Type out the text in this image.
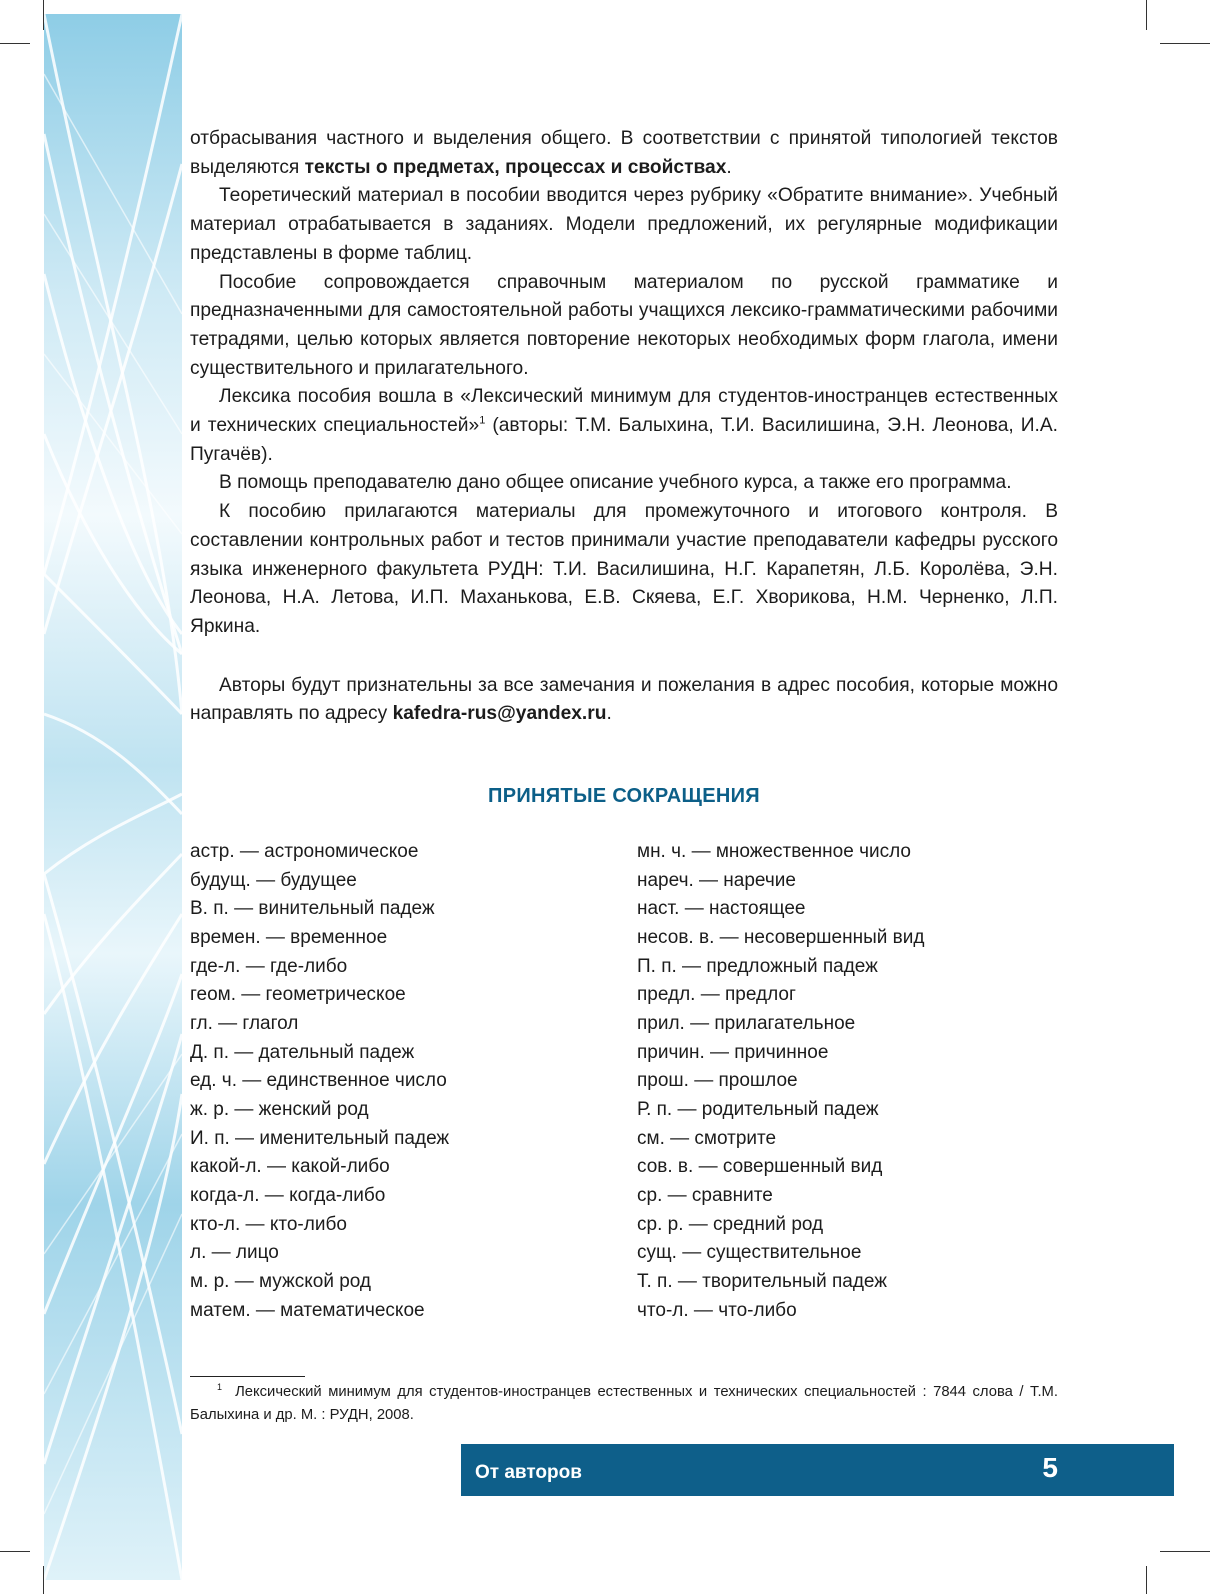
отбрасывания частного и выделения общего. В соответствии с принятой типологией текстов выделяются тексты о предметах, процессах и свойствах.

Теоретический материал в пособии вводится через рубрику «Обратите внимание». Учебный материал отрабатывается в заданиях. Модели предложений, их регулярные модификации представлены в форме таблиц.

Пособие сопровождается справочным материалом по русской грамматике и предназначенными для самостоятельной работы учащихся лексико-грамматическими рабочими тетрадями, целью которых является повторение некоторых необходимых форм глагола, имени существительного и прилагательного.

Лексика пособия вошла в «Лексический минимум для студентов-иностранцев естественных и технических специальностей»$^1$ (авторы: Т.М. Балыхина, Т.И. Василишина, Э.Н. Леонова, И.А. Пугачёв).

В помощь преподавателю дано общее описание учебного курса, а также его программа.

К пособию прилагаются материалы для промежуточного и итогового контроля. В составлении контрольных работ и тестов принимали участие преподаватели кафедры русского языка инженерного факультета РУДН: Т.И. Василишина, Н.Г. Карапетян, Л.Б. Королёва, Э.Н. Леонова, Н.А. Летова, И.П. Маханькова, Е.В. Скяева, Е.Г. Хворикова, Н.М. Черненко, Л.П. Яркина.

Авторы будут признательны за все замечания и пожелания в адрес пособия, которые можно направлять по адресу kafedra-rus@yandex.ru.

ПРИНЯТЫЕ СОКРАЩЕНИЯ
астр. — астрономическое
будущ. — будущее
В. п. — винительный падеж
времен. — временное
где-л. — где-либо
геом. — геометрическое
гл. — глагол
Д. п. — дательный падеж
ед. ч. — единственное число
ж. р. — женский род
И. п. — именительный падеж
какой-л. — какой-либо
когда-л. — когда-либо
кто-л. — кто-либо
л. — лицо
м. р. — мужской род
матем. — математическое
мн. ч. — множественное число
нареч. — наречие
наст. — настоящее
несов. в. — несовершенный вид
П. п. — предложный падеж
предл. — предлог
прил. — прилагательное
причин. — причинное
прош. — прошлое
Р. п. — родительный падеж
см. — смотрите
сов. в. — совершенный вид
ср. — сравните
ср. р. — средний род
сущ. — существительное
Т. п. — творительный падеж
что-л. — что-либо

$^1$ Лексический минимум для студентов-иностранцев естественных и технических специальностей : 7844 слова / Т.М. Балыхина и др. М. : РУДН, 2008.

От авторов	5
